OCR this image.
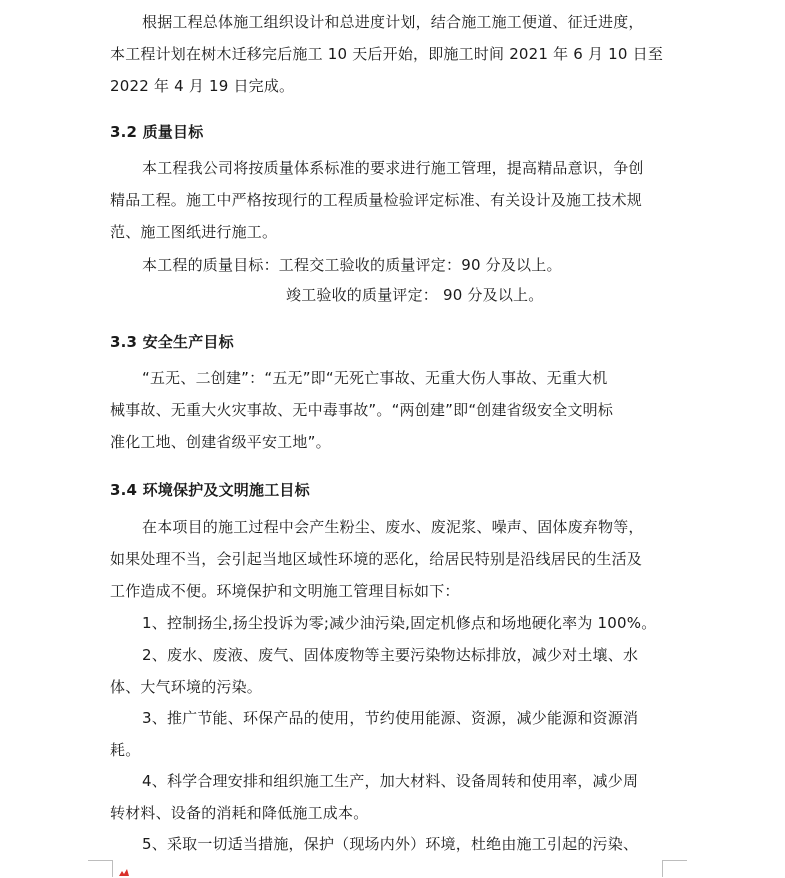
根据工程总体施工组织设计和总进度计划，结合施工施工便道、征迁进度，
本工程计划在树木迁移完后施工 10 天后开始，即施工时间 2021 年 6 月 10 日至
2022 年 4 月 19 日完成。
3.2 质量目标
本工程我公司将按质量体系标准的要求进行施工管理，提高精品意识，争创
精品工程。施工中严格按现行的工程质量检验评定标准、有关设计及施工技术规
范、施工图纸进行施工。
本工程的质量目标：工程交工验收的质量评定：90 分及以上。
竣工验收的质量评定： 90 分及以上。
3.3 安全生产目标
“五无、二创建”：“五无”即“无死亡事故、无重大伤人事故、无重大机
械事故、无重大火灾事故、无中毒事故”。“两创建”即“创建省级安全文明标
准化工地、创建省级平安工地”。
3.4 环境保护及文明施工目标
在本项目的施工过程中会产生粉尘、废水、废泥浆、噪声、固体废弃物等，
如果处理不当，会引起当地区域性环境的恶化，给居民特别是沿线居民的生活及
工作造成不便。环境保护和文明施工管理目标如下：
1、控制扬尘,扬尘投诉为零;减少油污染,固定机修点和场地硬化率为 100%。
2、废水、废液、废气、固体废物等主要污染物达标排放，减少对土壤、水
体、大气环境的污染。
3、推广节能、环保产品的使用，节约使用能源、资源，减少能源和资源消
耗。
4、科学合理安排和组织施工生产，加大材料、设备周转和使用率，减少周
转材料、设备的消耗和降低施工成本。
5、采取一切适当措施，保护（现场内外）环境，杜绝由施工引起的污染、
